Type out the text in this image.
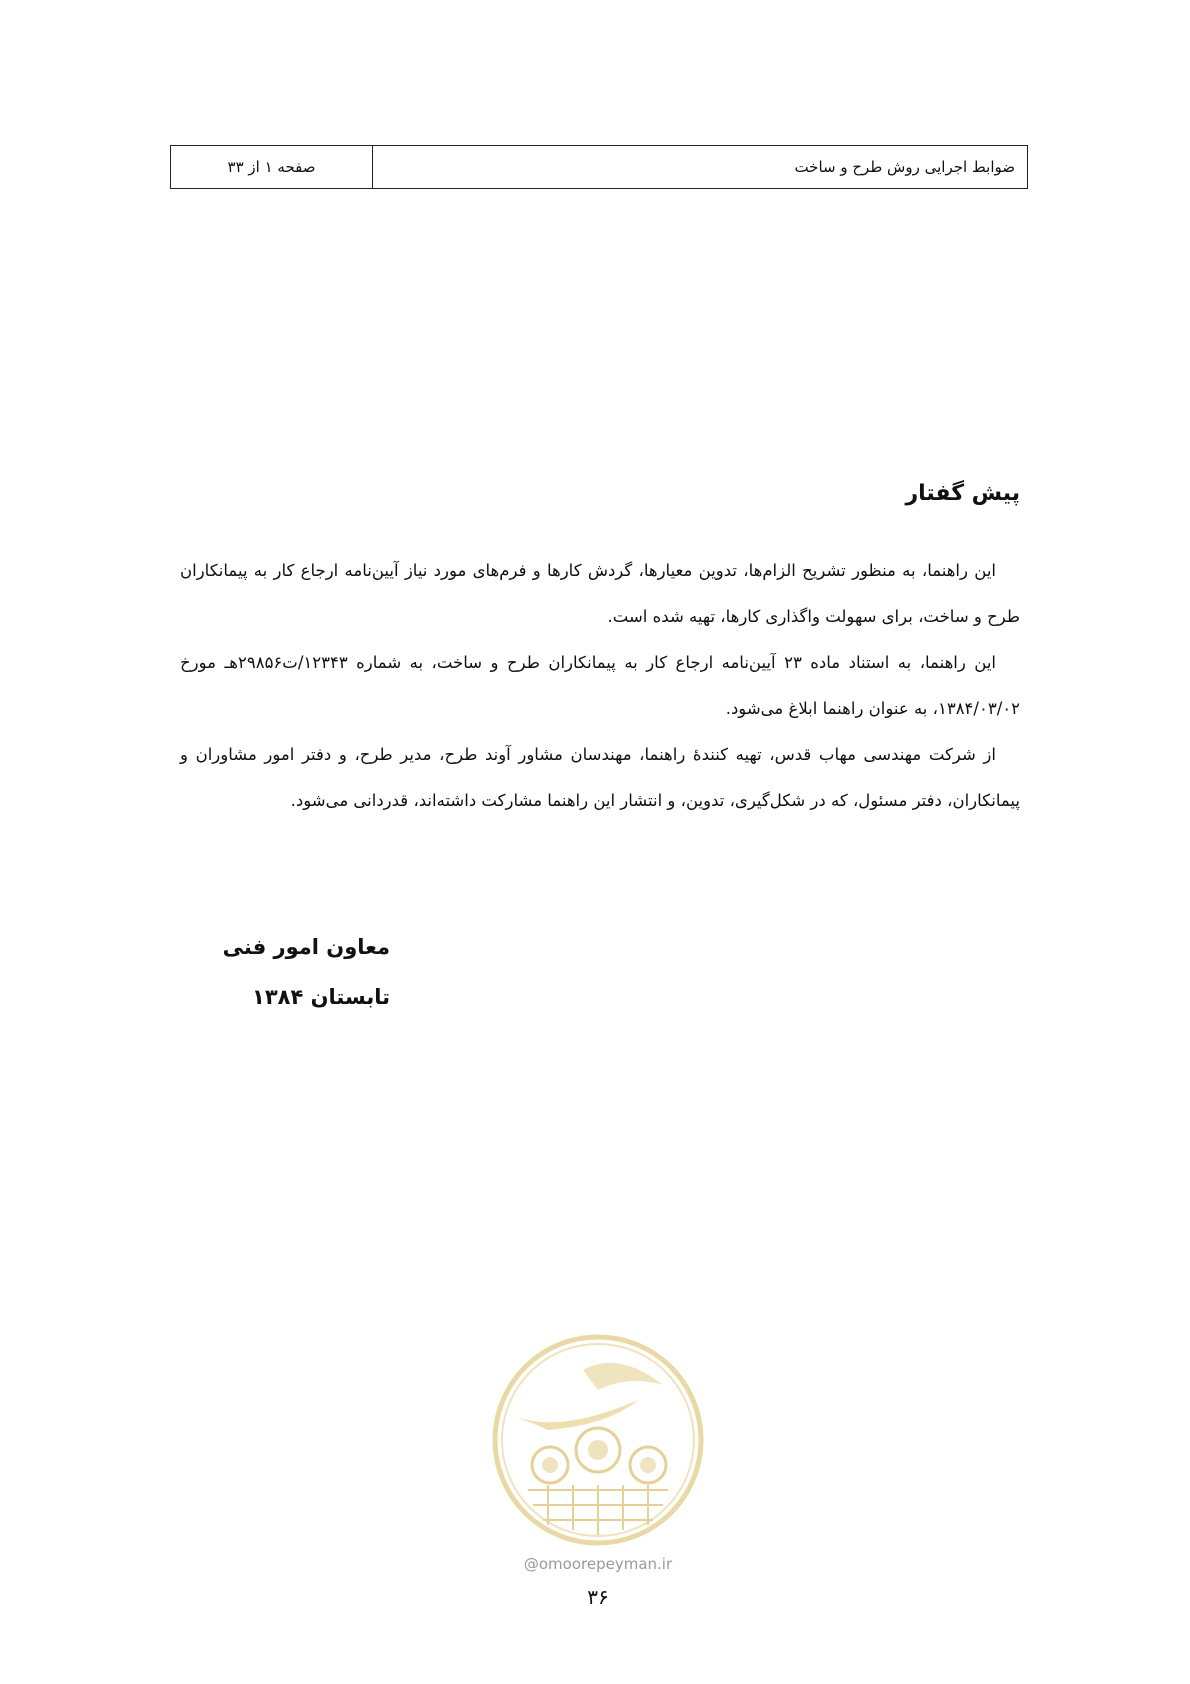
ضوابط اجرایی روش طرح و ساخت
صفحه ۱ از ۳۳
پیش گفتار

این راهنما، به منظور تشریح الزام‌ها، تدوین معیارها، گردش کارها و فرم‌های مورد نیاز آیین‌نامه ارجاع کار به پیمانکاران طرح و ساخت، برای سهولت واگذاری کارها، تهیه شده است.

این راهنما، به استناد ماده ۲۳ آیین‌نامه ارجاع کار به پیمانکاران طرح و ساخت، به شماره ۱۲۳۴۳/ت۲۹۸۵۶هـ مورخ ۱۳۸۴/۰۳/۰۲، به عنوان راهنما ابلاغ می‌شود.

از شرکت مهندسی مهاب قدس، تهیه کنندهٔ راهنما، مهندسان مشاور آوند طرح، مدیر طرح، و دفتر امور مشاوران و پیمانکاران، دفتر مسئول، که در شکل‌گیری، تدوین، و انتشار این راهنما مشارکت داشته‌اند، قدردانی می‌شود.

معاون امور فنی
تابستان ۱۳۸۴
@omoorepeyman.ir
۳۶
